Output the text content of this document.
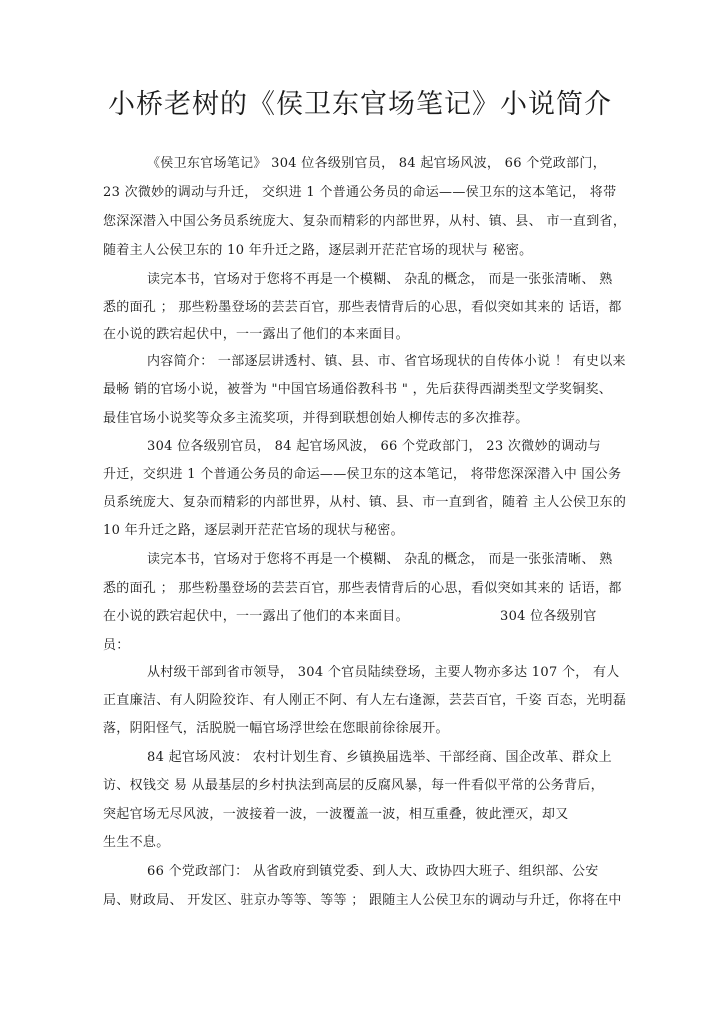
小桥老树的《侯卫东官场笔记》小说简介
《侯卫东官场笔记》 304 位各级别官员， 84 起官场风波， 66 个党政部门，
23 次微妙的调动与升迁， 交织进 1 个普通公务员的命运——侯卫东的这本笔记， 将带
您深深潜入中国公务员系统庞大、复杂而精彩的内部世界，从村、镇、县、 市一直到省，
随着主人公侯卫东的 10 年升迁之路，逐层剥开茫茫官场的现状与 秘密。
读完本书，官场对于您将不再是一个模糊、 杂乱的概念， 而是一张张清晰、 熟
悉的面孔 ； 那些粉墨登场的芸芸百官，那些表情背后的心思，看似突如其来的 话语，都
在小说的跌宕起伏中，一一露出了他们的本来面目。
内容简介： 一部逐层讲透村、镇、县、市、省官场现状的自传体小说 ！ 有史以来
最畅 销的官场小说，被誉为 "中国官场通俗教科书 " ，先后获得西湖类型文学奖铜奖、
最佳官场小说奖等众多主流奖项，并得到联想创始人柳传志的多次推荐。
304 位各级别官员， 84 起官场风波， 66 个党政部门， 23 次微妙的调动与
升迁，交织进 1 个普通公务员的命运——侯卫东的这本笔记， 将带您深深潜入中 国公务
员系统庞大、复杂而精彩的内部世界，从村、镇、县、市一直到省，随着 主人公侯卫东的
10 年升迁之路，逐层剥开茫茫官场的现状与秘密。
读完本书，官场对于您将不再是一个模糊、 杂乱的概念， 而是一张张清晰、 熟
悉的面孔 ； 那些粉墨登场的芸芸百官，那些表情背后的心思，看似突如其来的 话语，都
在小说的跌宕起伏中，一一露出了他们的本来面目。	304 位各级别官
员：
从村级干部到省市领导， 304 个官员陆续登场，主要人物亦多达 107 个， 有人
正直廉洁、有人阴险狡诈、有人刚正不阿、有人左右逢源，芸芸百官，千姿 百态，光明磊
落，阴阳怪气，活脱脱一幅官场浮世绘在您眼前徐徐展开。
84 起官场风波： 农村计划生育、乡镇换届选举、干部经商、国企改革、群众上
访、权钱交 易 从最基层的乡村执法到高层的反腐风暴，每一件看似平常的公务背后，
突起官场无尽风波，一波接着一波，一波覆盖一波，相互重叠，彼此湮灭，却又
生生不息。
66 个党政部门： 从省政府到镇党委、到人大、政协四大班子、组织部、公安
局、财政局、 开发区、驻京办等等、等等 ； 跟随主人公侯卫东的调动与升迁，你将在中
